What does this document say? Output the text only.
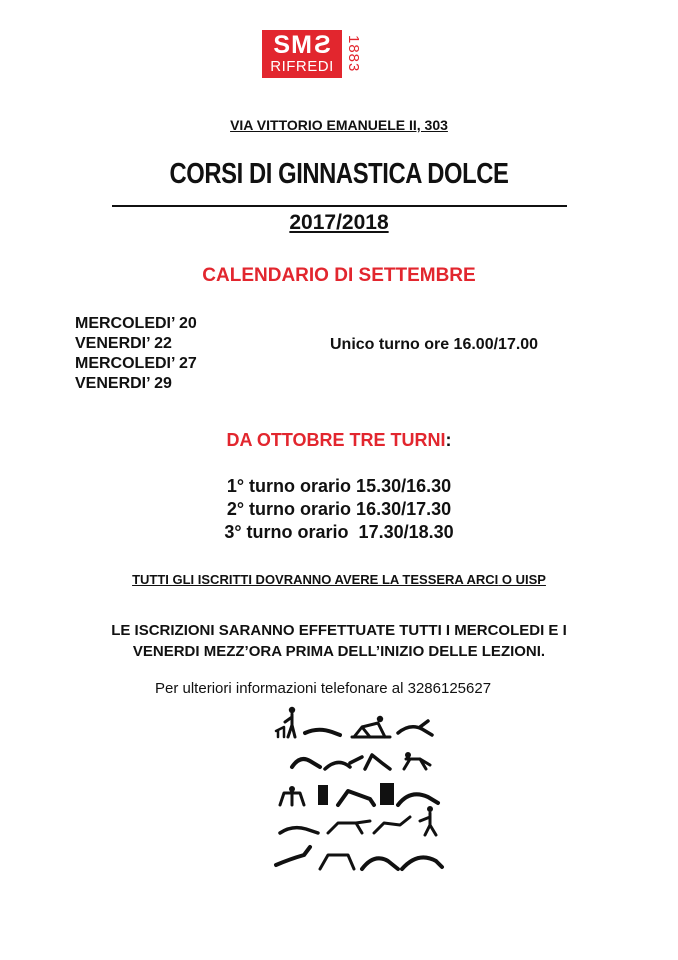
SMS
RIFREDI 1883
VIA VITTORIO EMANUELE II, 303
CORSI DI GINNASTICA DOLCE
2017/2018
CALENDARIO DI SETTEMBRE
MERCOLEDI’ 20
VENERDI’ 22
MERCOLEDI’ 27
VENERDI’ 29
Unico turno ore 16.00/17.00
DA OTTOBRE TRE TURNI:
1° turno orario 15.30/16.30
2° turno orario 16.30/17.30
3° turno orario  17.30/18.30
TUTTI GLI ISCRITTI DOVRANNO AVERE LA TESSERA ARCI O UISP
LE ISCRIZIONI SARANNO EFFETTUATE TUTTI I MERCOLEDI E I
VENERDI MEZZ’ORA PRIMA DELL’INIZIO DELLE LEZIONI.
Per ulteriori informazioni telefonare al 3286125627
